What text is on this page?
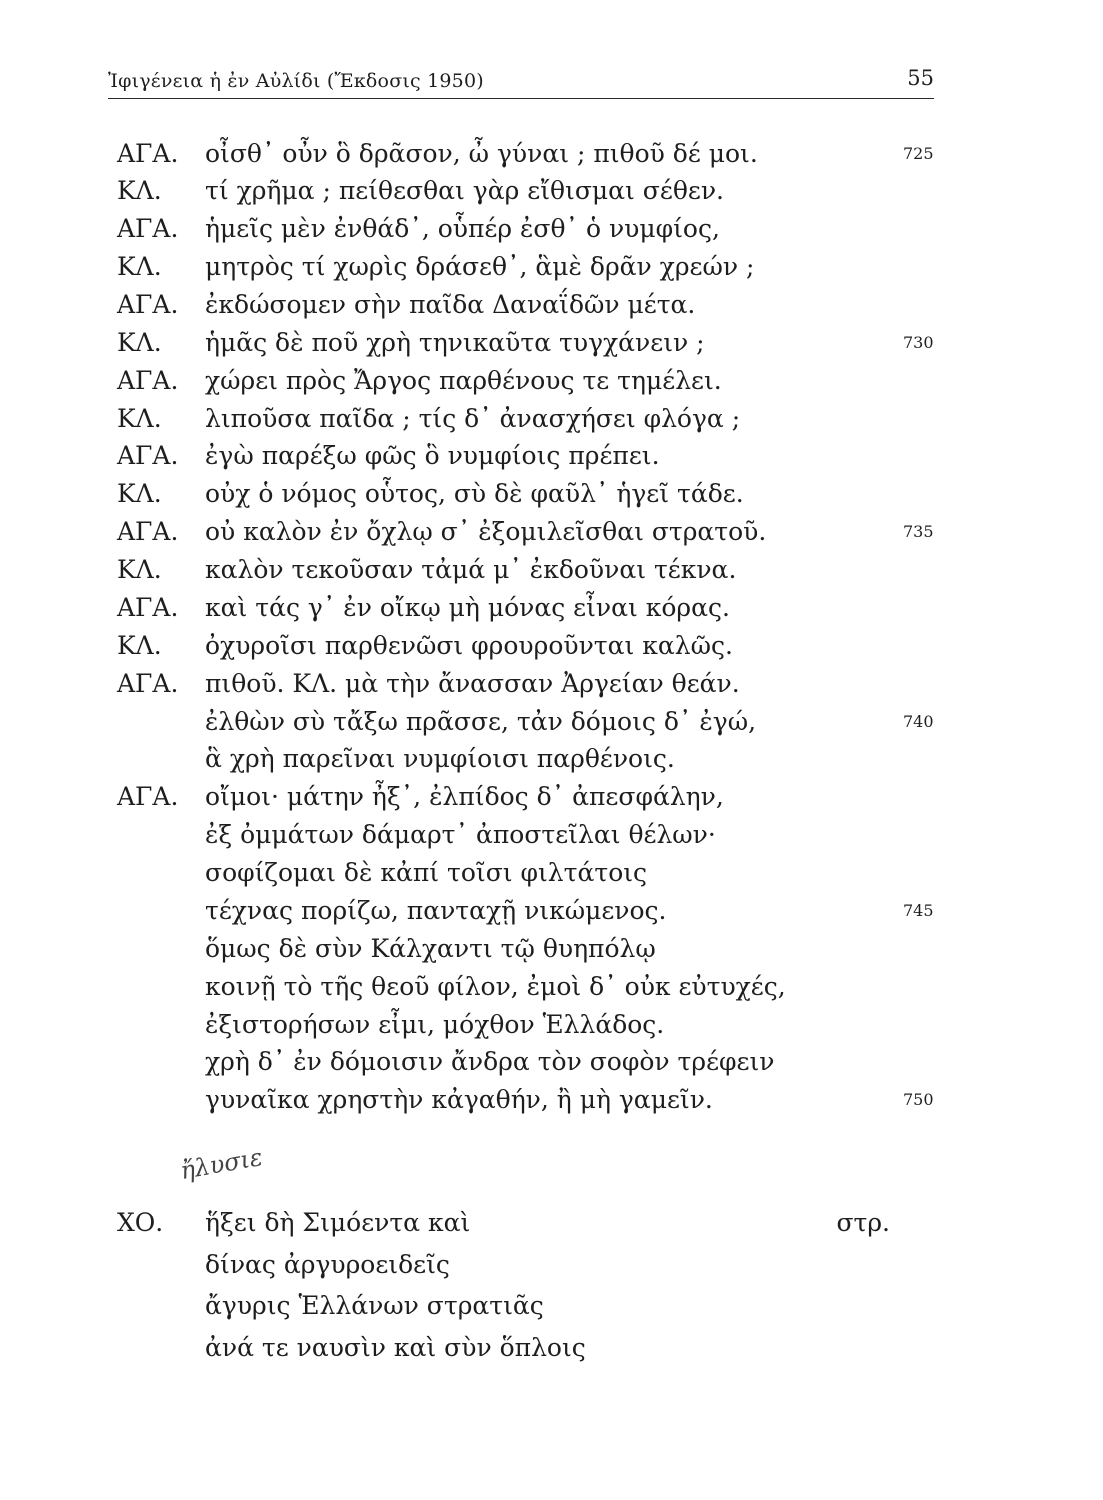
Ἰφιγένεια ἡ ἐν Αὐλίδι (Ἔκδοσις 1950)	55
ΑΓΑ. οἶσθ᾽ οὖν ὃ δρᾶσον, ὦ γύναι ; πιθοῦ δέ μοι.	725
ΚΛ. τί χρῆμα ; πείθεσθαι γὰρ εἴθισμαι σέθεν.
ΑΓΑ. ἡμεῖς μὲν ἐνθάδ᾽, οὗπέρ ἐσθ᾽ ὁ νυμφίος,
ΚΛ. μητρὸς τί χωρὶς δράσεθ᾽, ἃμὲ δρᾶν χρεών ;
ΑΓΑ. ἐκδώσομεν σὴν παῖδα Δαναΐδῶν μέτα.
ΚΛ. ἡμᾶς δὲ ποῦ χρὴ τηνικαῦτα τυγχάνειν ;	730
ΑΓΑ. χώρει πρὸς Ἄργος παρθένους τε τημέλει.
ΚΛ. λιποῦσα παῖδα ; τίς δ᾽ ἀνασχήσει φλόγα ;
ΑΓΑ. ἐγὼ παρέξω φῶς ὃ νυμφίοις πρέπει.
ΚΛ. οὐχ ὁ νόμος οὗτος, σὺ δὲ φαῦλ᾽ ἡγεῖ τάδε.
ΑΓΑ. οὐ καλὸν ἐν ὄχλῳ σ᾽ ἐξομιλεῖσθαι στρατοῦ.	735
ΚΛ. καλὸν τεκοῦσαν τἀμά μ᾽ ἐκδοῦναι τέκνα.
ΑΓΑ. καὶ τάς γ᾽ ἐν οἴκῳ μὴ μόνας εἶναι κόρας.
ΚΛ. ὀχυροῖσι παρθενῶσι φρουροῦνται καλῶς.
ΑΓΑ. πιθοῦ. ΚΛ. μὰ τὴν ἄνασσαν Ἀργείαν θεάν.
ἐλθὼν σὺ τἄξω πρᾶσσε, τἀν δόμοις δ᾽ ἐγώ,	740
ἃ χρὴ παρεῖναι νυμφίοισι παρθένοις.
ΑΓΑ. οἴμοι· μάτην ἦξ᾽, ἐλπίδος δ᾽ ἀπεσφάλην,
ἐξ ὀμμάτων δάμαρτ᾽ ἀποστεῖλαι θέλων·
σοφίζομαι δὲ κἀπί τοῖσι φιλτάτοις
τέχνας πορίζω, πανταχῇ νικώμενος.	745
ὅμως δὲ σὺν Κάλχαντι τῷ θυηπόλῳ
κοινῇ τὸ τῆς θεοῦ φίλον, ἐμοὶ δ᾽ οὐκ εὐτυχές,
ἐξιστορήσων εἶμι, μόχθον Ἑλλάδος.
χρὴ δ᾽ ἐν δόμοισιν ἄνδρα τὸν σοφὸν τρέφειν
γυναῖκα χρηστὴν κἀγαθήν, ἢ μὴ γαμεῖν.	750
ἤλυσιε
ΧΟ. ἥξει δὴ Σιμόεντα καὶ	στρ.
δίνας ἀργυροειδεῖς
ἄγυρις Ἑλλάνων στρατιᾶς
ἀνά τε ναυσὶν καὶ σὺν ὅπλοις
